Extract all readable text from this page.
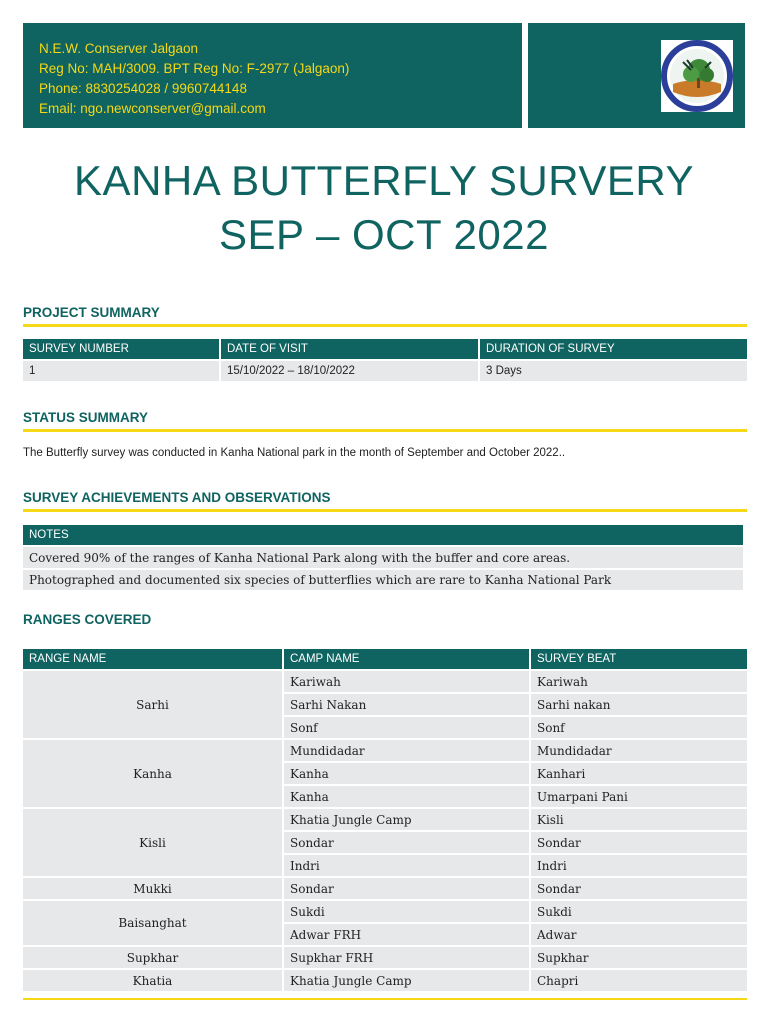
N.E.W. Conserver Jalgaon
Reg No: MAH/3009. BPT Reg No: F-2977 (Jalgaon)
Phone: 8830254028 / 9960744148
Email: ngo.newconserver@gmail.com
KANHA BUTTERFLY SURVERY
SEP – OCT 2022
PROJECT SUMMARY
SURVEY NUMBER	DATE OF VISIT	DURATION OF SURVEY
1	15/10/2022 – 18/10/2022	3 Days
STATUS SUMMARY
The Butterfly survey was conducted in Kanha National park in the month of September and October 2022..
SURVEY ACHIEVEMENTS AND OBSERVATIONS
NOTES
Covered 90% of the ranges of Kanha National Park along with the buffer and core areas.
Photographed and documented six species of butterflies which are rare to Kanha National Park
RANGES COVERED
RANGE NAME	CAMP NAME	SURVEY BEAT
Sarhi	Kariwah	Kariwah
	Sarhi Nakan	Sarhi nakan
	Sonf	Sonf
Kanha	Mundidadar	Mundidadar
	Kanha	Kanhari
	Kanha	Umarpani Pani
Kisli	Khatia Jungle Camp	Kisli
	Sondar	Sondar
	Indri	Indri
Mukki	Sondar	Sondar
Baisanghat	Sukdi	Sukdi
	Adwar FRH	Adwar
Supkhar	Supkhar FRH	Supkhar
Khatia	Khatia Jungle Camp	Chapri
